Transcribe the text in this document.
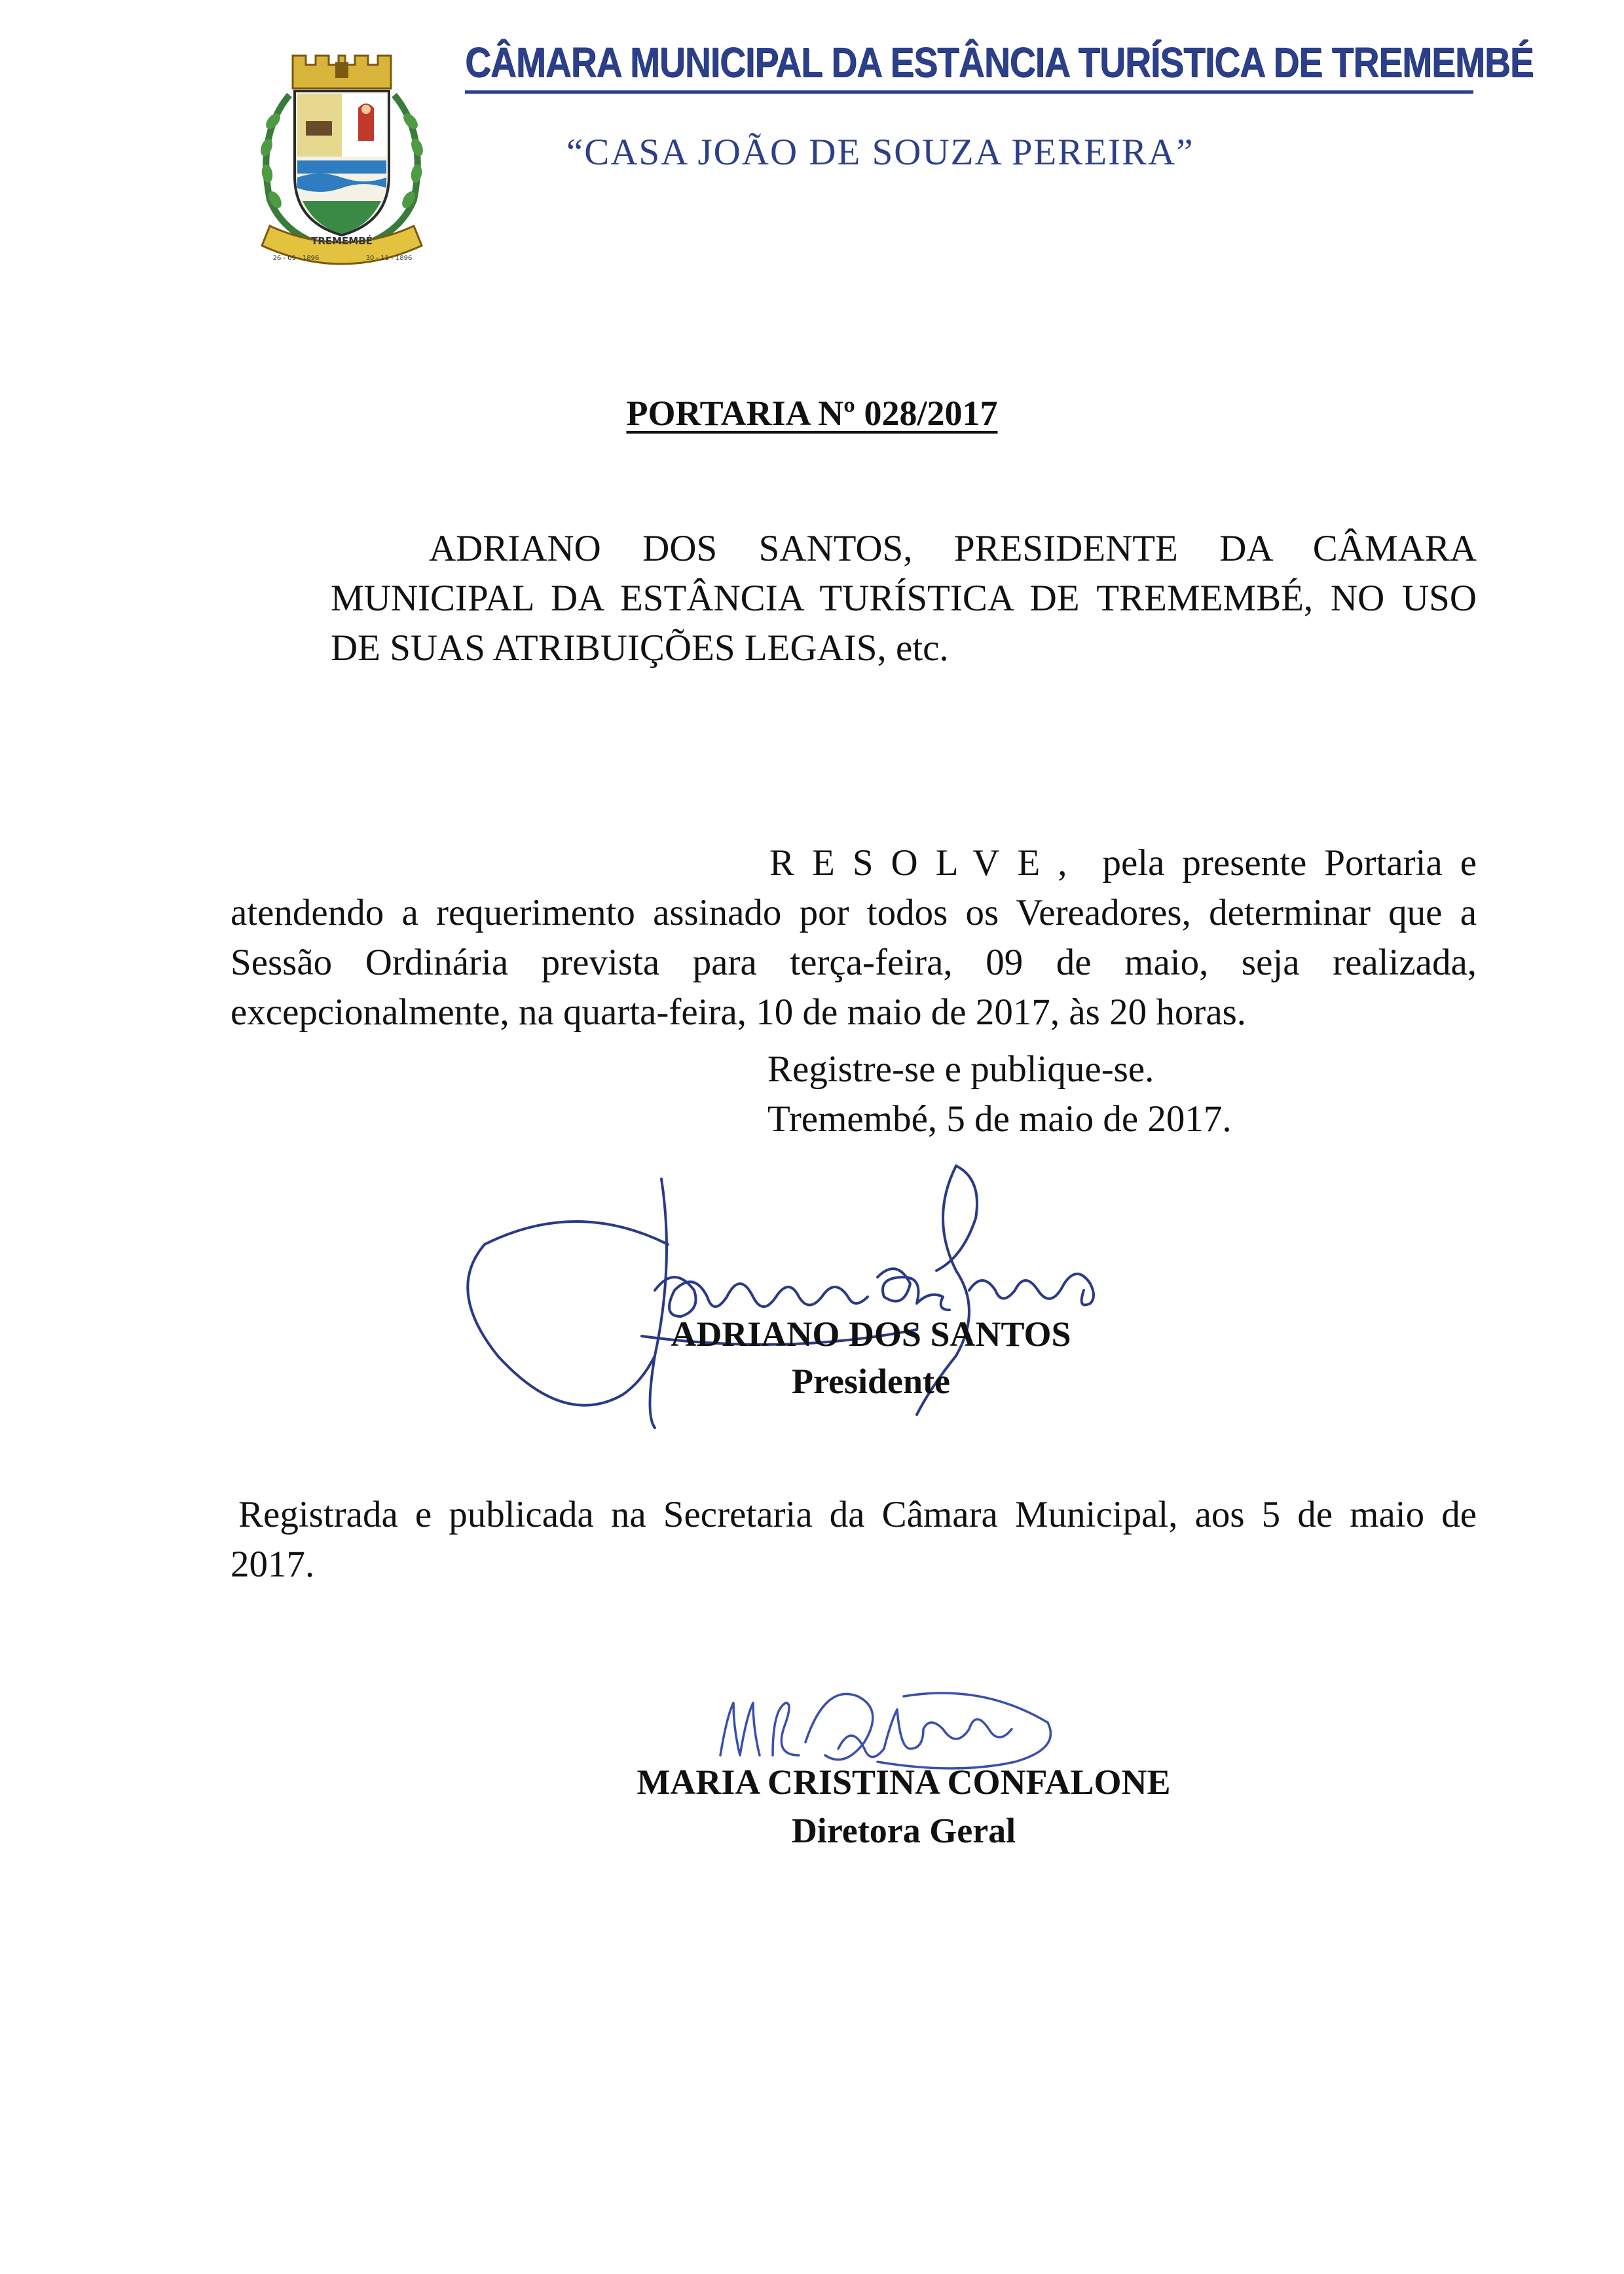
TREMEMBÉ
26 - 09 - 1896	30 - 11 - 1896
CÂMARA MUNICIPAL DA ESTÂNCIA TURÍSTICA DE TREMEMBÉ
“CASA JOÃO DE SOUZA PEREIRA”
PORTARIA Nº 028/2017
ADRIANO DOS SANTOS, PRESIDENTE DA CÂMARA MUNICIPAL DA ESTÂNCIA TURÍSTICA DE TREMEMBÉ, NO USO DE SUAS ATRIBUIÇÕES LEGAIS, etc.
RESOLVE, pela presente Portaria e atendendo a requerimento assinado por todos os Vereadores, determinar que a Sessão Ordinária prevista para terça-feira, 09 de maio, seja realizada, excepcionalmente, na quarta-feira, 10 de maio de 2017, às 20 horas.
Registre-se e publique-se.
Tremembé, 5 de maio de 2017.
ADRIANO DOS SANTOS
Presidente
Registrada e publicada na Secretaria da Câmara Municipal, aos 5 de maio de 2017.
MARIA CRISTINA CONFALONE
Diretora Geral
